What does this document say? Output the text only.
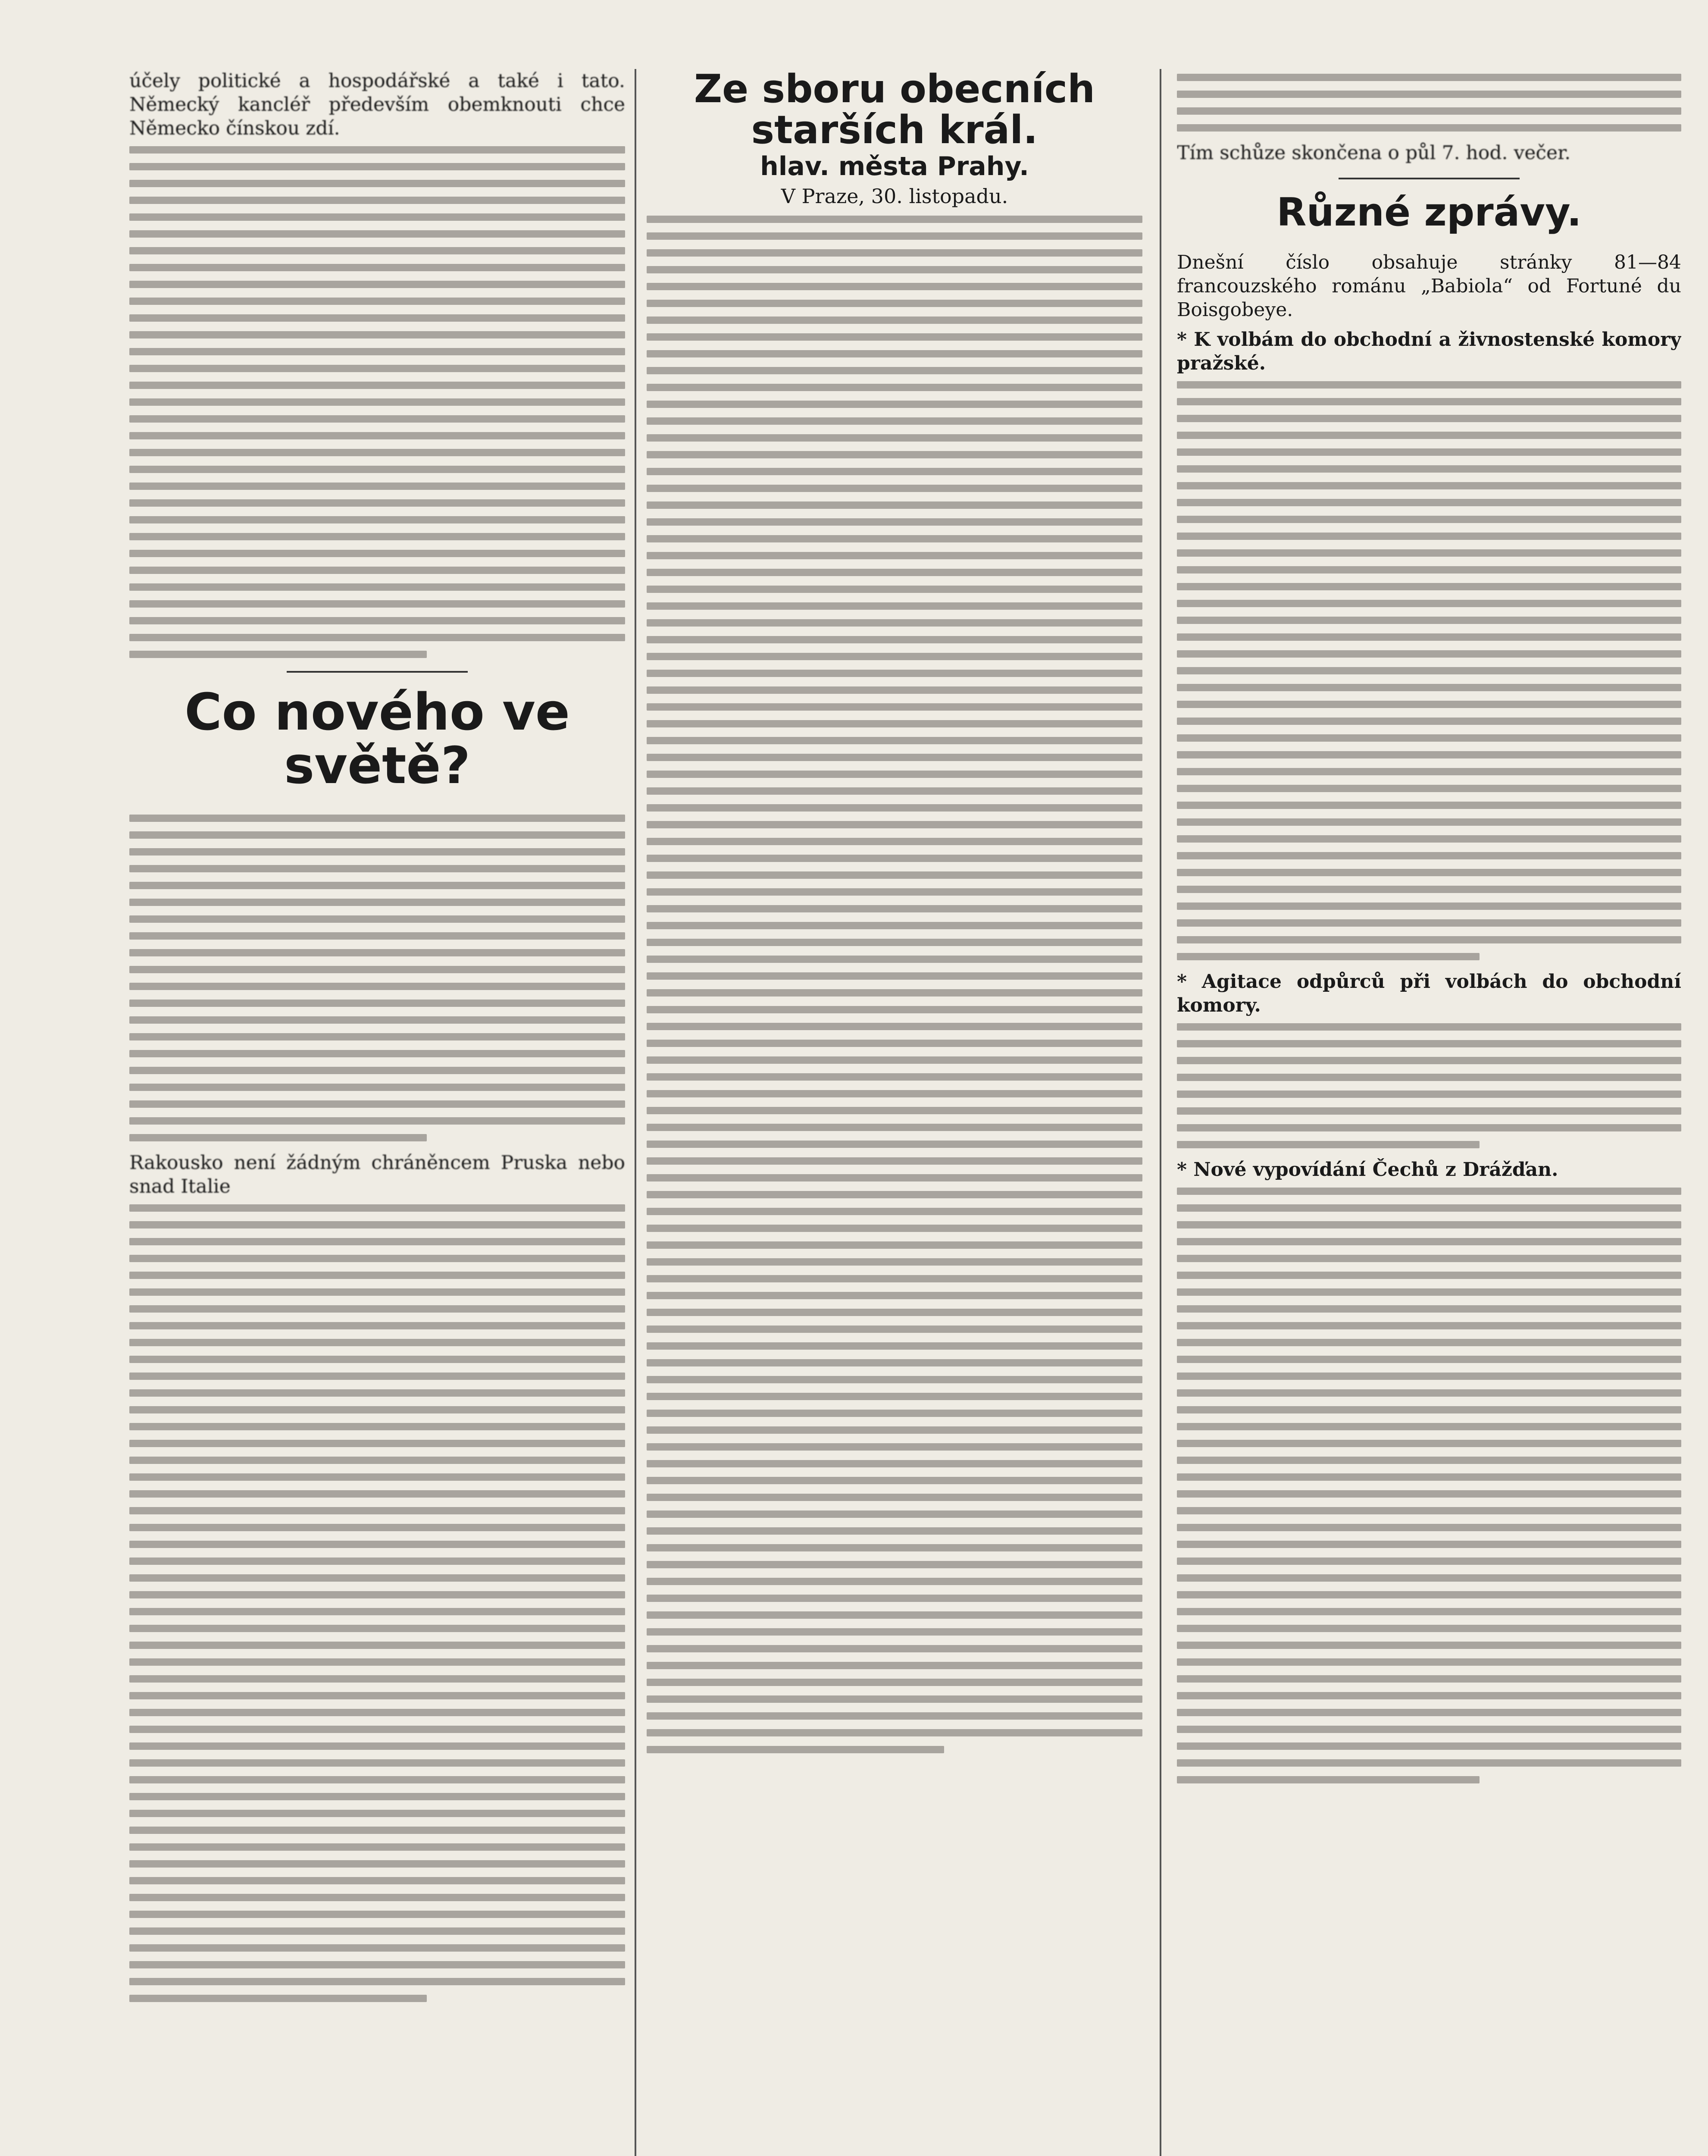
účely politické a hospodářské a také i tato. Německý kancléř především obemknouti chce Německo čínskou zdí.

Co nového ve světě?

Rakousko není žádným chráněncem Pruska nebo snad Italie

Ze sboru obecních starších král.
hlav. města Prahy.
V Praze, 30. listopadu.

Tím schůze skončena o půl 7. hod. večer.

Různé zprávy.

Dnešní číslo obsahuje stránky 81—84 francouzského románu „Babiola“ od Fortuné du Boisgobeye.

* K volbám do obchodní a živnostenské komory pražské.

* Agitace odpůrců při volbách do obchodní komory.

* Nové vypovídání Čechů z Drážďan.
